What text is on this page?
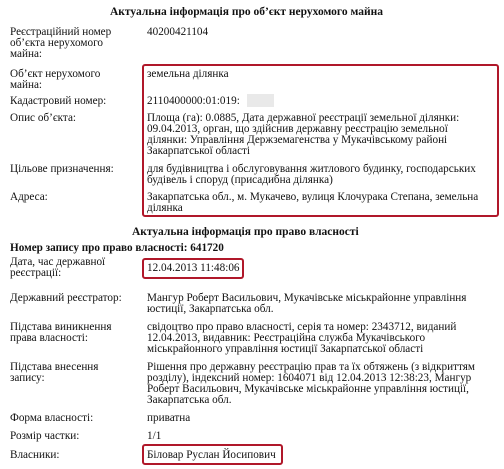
Актуальна інформація про об’єкт нерухомого майна
Реєстраційний номер
об’єкта нерухомого
майна:
40200421104
Об’єкт нерухомого
майна:
земельна ділянка
Кадастровий номер:	2110400000:01:019:
Опис об’єкта:	Площа (га): 0.0885, Дата державної реєстрації земельної ділянки:
09.04.2013, орган, що здійснив державну реєстрацію земельної
ділянки: Управління Держземагенства у Мукачівському районі
Закарпатської області
Цільове призначення:	для будівництва і обслуговування житлового будинку, господарських
будівель і споруд (присадибна ділянка)
Адреса:	Закарпатська обл., м. Мукачево, вулиця Клочурака Степана, земельна
ділянка
Актуальна інформація про право власності
Номер запису про право власності: 641720
Дата, час державної
реєстрації:	12.04.2013 11:48:06
Державний реєстратор: Мангур Роберт Васильович, Мукачівське міськрайонне управління
юстиції, Закарпатська обл.
Підстава виникнення
права власності:
свідоцтво про право власності, серія та номер: 2343712, виданий
12.04.2013, видавник: Реєстраційна служба Мукачівського
міськрайонного управління юстиції Закарпатської області
Підстава внесення
запису:
Рішення про державну реєстрацію прав та їх обтяжень (з відкриттям
розділу), індексний номер: 1604071 від 12.04.2013 12:38:23, Мангур
Роберт Васильович, Мукачівське міськрайонне управління юстиції,
Закарпатська обл.
Форма власності:	приватна
Розмір частки:	1/1
Власники:	Біловар Руслан Йосипович
